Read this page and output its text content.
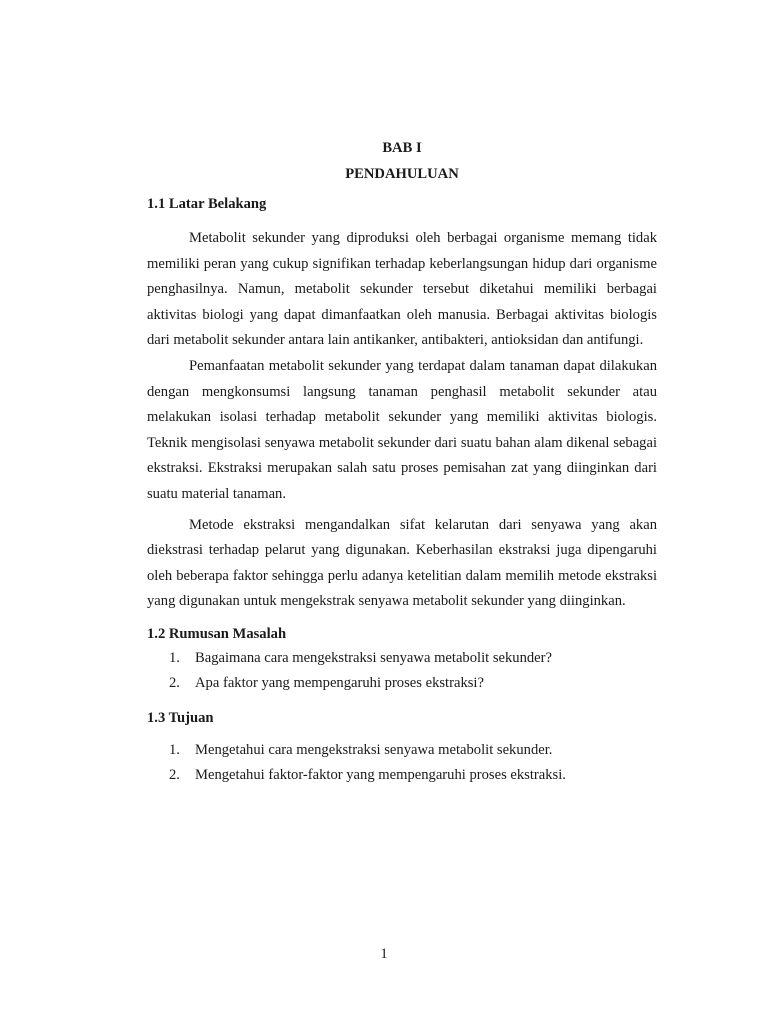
BAB I
PENDAHULUAN
1.1 Latar Belakang

Metabolit sekunder yang diproduksi oleh berbagai organisme memang tidak memiliki peran yang cukup signifikan terhadap keberlangsungan hidup dari organisme penghasilnya. Namun, metabolit sekunder tersebut diketahui memiliki berbagai aktivitas biologi yang dapat dimanfaatkan oleh manusia. Berbagai aktivitas biologis dari metabolit sekunder antara lain antikanker, antibakteri, antioksidan dan antifungi.

Pemanfaatan metabolit sekunder yang terdapat dalam tanaman dapat dilakukan dengan mengkonsumsi langsung tanaman penghasil metabolit sekunder atau melakukan isolasi terhadap metabolit sekunder yang memiliki aktivitas biologis. Teknik mengisolasi senyawa metabolit sekunder dari suatu bahan alam dikenal sebagai ekstraksi. Ekstraksi merupakan salah satu proses pemisahan zat yang diinginkan dari suatu material tanaman.

Metode ekstraksi mengandalkan sifat kelarutan dari senyawa yang akan diekstrasi terhadap pelarut yang digunakan. Keberhasilan ekstraksi juga dipengaruhi oleh beberapa faktor sehingga perlu adanya ketelitian dalam memilih metode ekstraksi yang digunakan untuk mengekstrak senyawa metabolit sekunder yang diinginkan.

1.2 Rumusan Masalah
1. Bagaimana cara mengekstraksi senyawa metabolit sekunder?
2. Apa faktor yang mempengaruhi proses ekstraksi?
1.3 Tujuan
1. Mengetahui cara mengekstraksi senyawa metabolit sekunder.
2. Mengetahui faktor-faktor yang mempengaruhi proses ekstraksi.
1
